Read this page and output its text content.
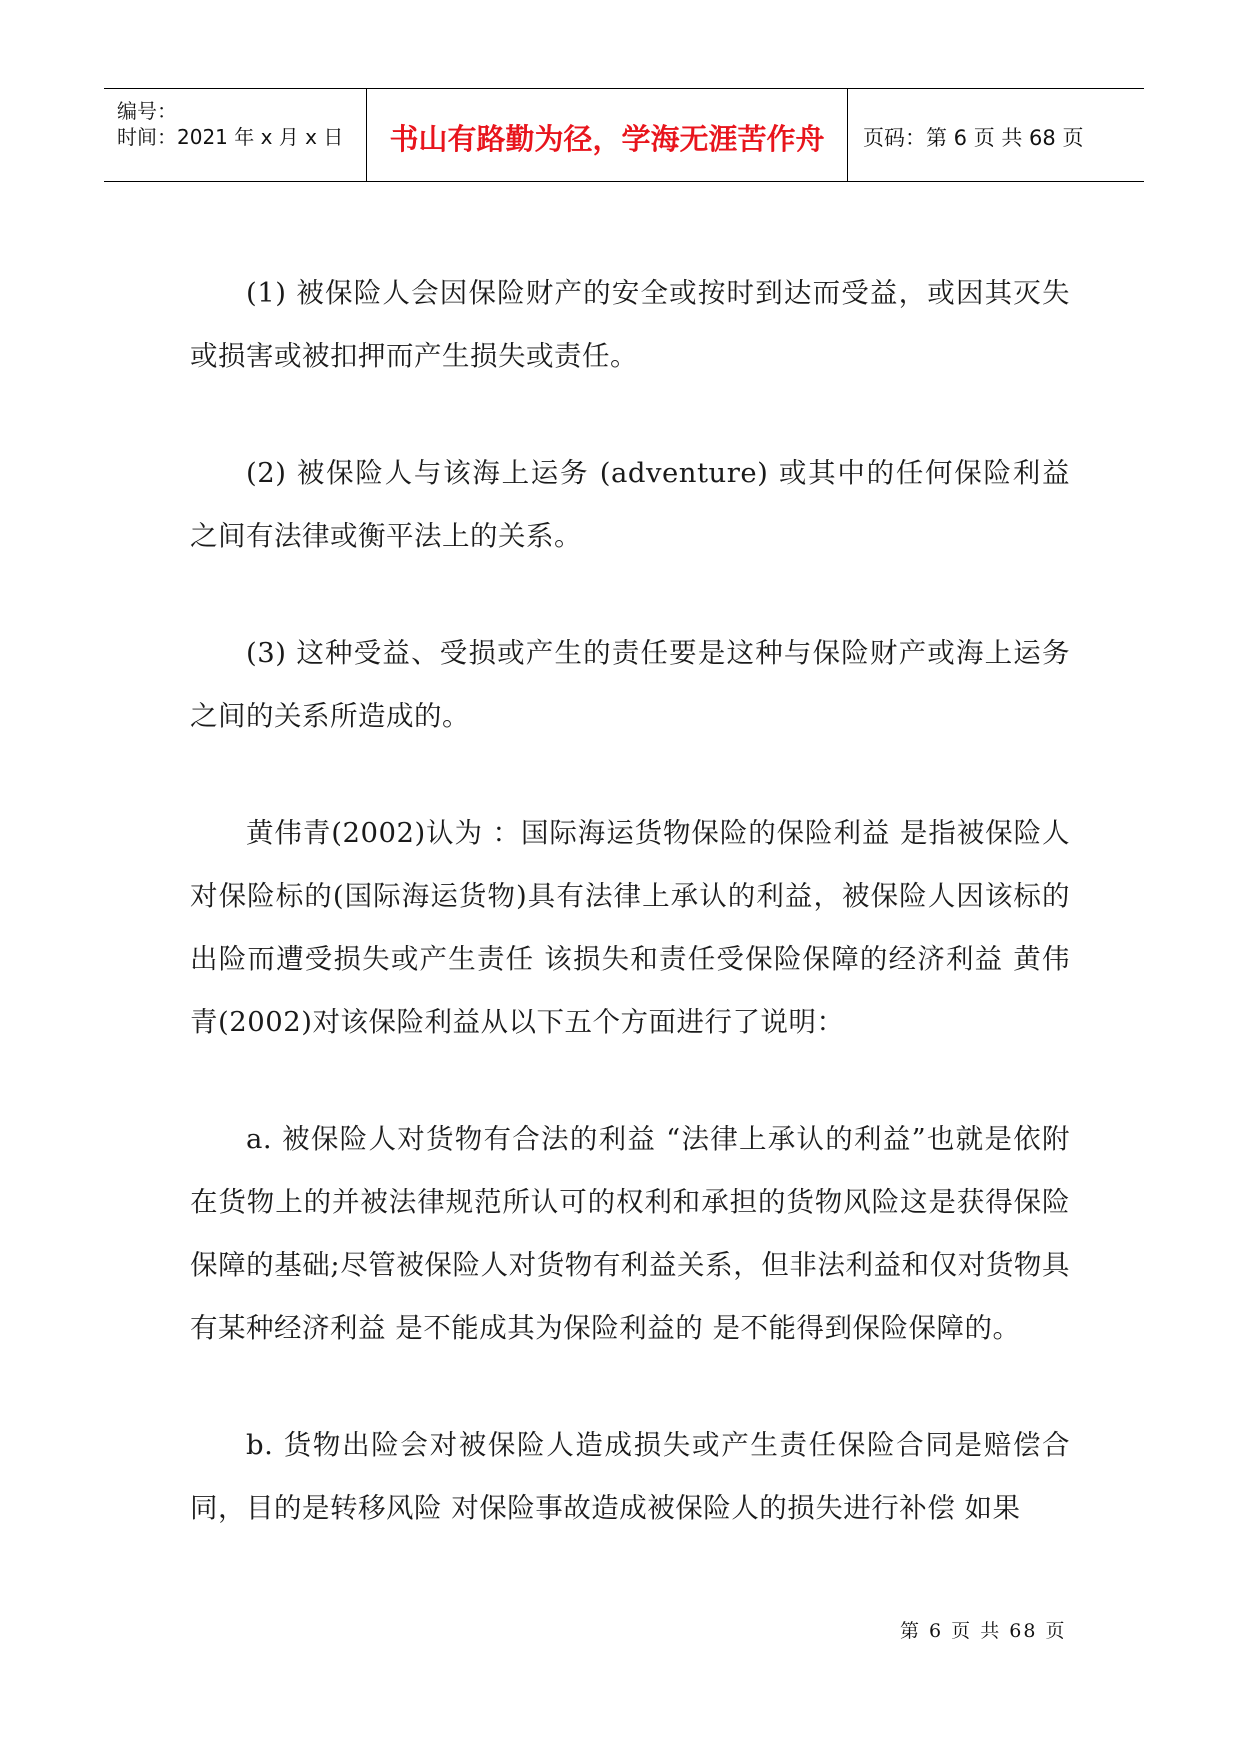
编号：
时间：2021 年 x 月 x 日	书山有路勤为径，学海无涯苦作舟	页码：第 6 页 共 68 页

(1) 被保险人会因保险财产的安全或按时到达而受益，或因其灭失或损害或被扣押而产生损失或责任。

(2) 被保险人与该海上运务 (adventure) 或其中的任何保险利益之间有法律或衡平法上的关系。

(3) 这种受益、受损或产生的责任要是这种与保险财产或海上运务之间的关系所造成的。

黄伟青(2002)认为 ：国际海运货物保险的保险利益 是指被保险人对保险标的(国际海运货物)具有法律上承认的利益，被保险人因该标的出险而遭受损失或产生责任 该损失和责任受保险保障的经济利益 黄伟青(2002)对该保险利益从以下五个方面进行了说明：

a. 被保险人对货物有合法的利益 “法律上承认的利益”也就是依附在货物上的并被法律规范所认可的权利和承担的货物风险这是获得保险保障的基础;尽管被保险人对货物有利益关系，但非法利益和仅对货物具有某种经济利益 是不能成其为保险利益的 是不能得到保险保障的。

b. 货物出险会对被保险人造成损失或产生责任保险合同是赔偿合同，目的是转移风险 对保险事故造成被保险人的损失进行补偿 如果

第 6 页 共 68 页
